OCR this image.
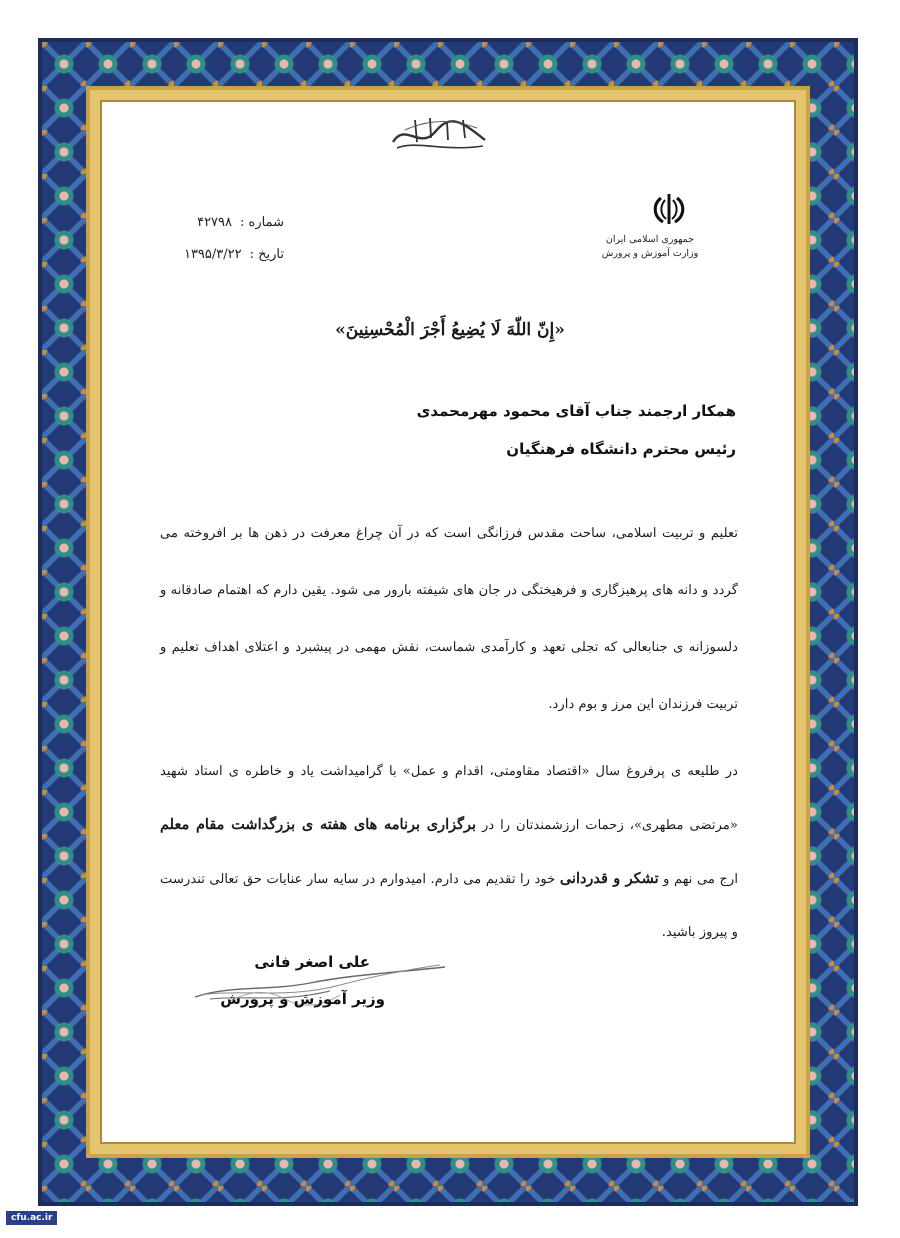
جمهوری اسلامی ایران
وزارت آموزش و پرورش
شماره :۴۲۷۹۸
تاریخ :۱۳۹۵/۳/۲۲
«إِنّ اللّهَ لَا یُضِیعُ أَجْرَ الْمُحْسِنِینَ»
همکار ارجمند جناب آقای محمود مهرمحمدی
رئیس محترم دانشگاه فرهنگیان
تعلیم و تربیت اسلامی، ساحت مقدس فرزانگی است که در آن چراغ معرفت در ذهن ها بر افروخته می گردد و دانه های پرهیزگاری و فرهیختگی در جان های شیفته بارور می شود. یقین دارم که اهتمام صادقانه و دلسوزانه ی جنابعالی که تجلی تعهد و کارآمدی شماست، نقش مهمی در پیشبرد و اعتلای اهداف تعلیم و تربیت فرزندان این مرز و بوم دارد.
در طلیعه ی پرفروغ سال «اقتصاد مقاومتی، اقدام و عمل» با گرامیداشت یاد و خاطره ی استاد شهید «مرتضی مطهری»، زحمات ارزشمندتان را در برگزاری برنامه های هفته ی بزرگداشت مقام معلم ارج می نهم و تشکر و قدردانی خود را تقدیم می دارم. امیدوارم در سایه سار عنایات حق تعالی تندرست و پیروز باشید.
علی اصغر فانی
وزیر آموزش و پرورش
cfu.ac.ir
